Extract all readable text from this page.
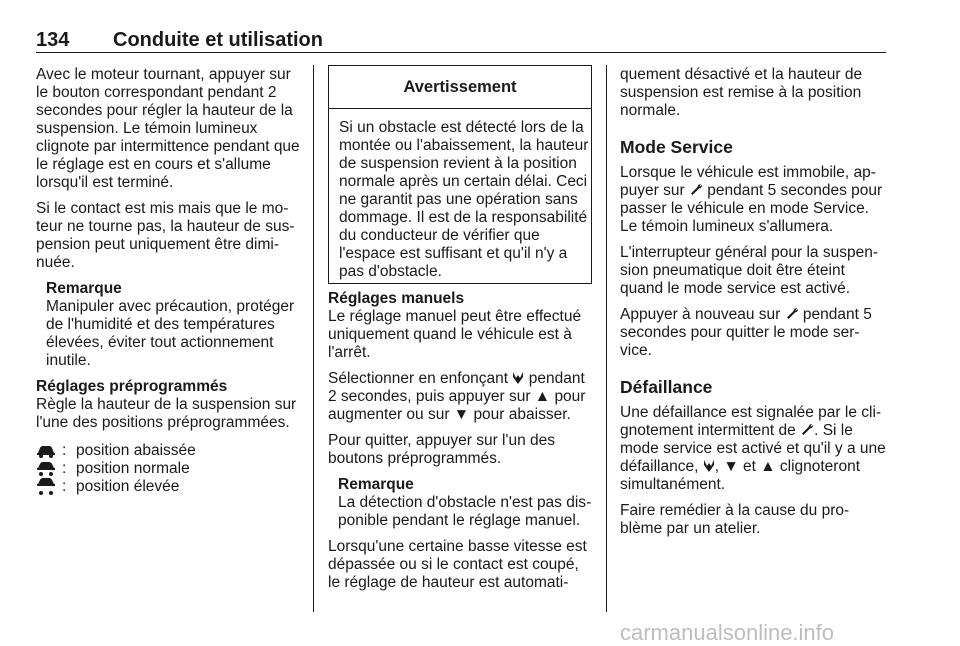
134 Conduite et utilisation

Avec le moteur tournant, appuyer sur le bouton correspondant pendant 2 secondes pour régler la hauteur de la suspension. Le témoin lumineux clignote par intermittence pendant que le réglage est en cours et s'allume lorsqu'il est terminé.

Si le contact est mis mais que le moteur ne tourne pas, la hauteur de suspension peut uniquement être diminuée.

Remarque
Manipuler avec précaution, protéger de l'humidité et des températures élevées, éviter tout actionnement inutile.
Réglages préprogrammés

Règle la hauteur de la suspension sur l'une des positions préprogrammées.

: position abaissée
: position normale
: position élevée
Avertissement
Si un obstacle est détecté lors de la montée ou l'abaissement, la hauteur de suspension revient à la position normale après un certain délai. Ceci ne garantit pas une opération sans dommage. Il est de la responsabilité du conducteur de vérifier que l'espace est suffisant et qu'il n'y a pas d'obstacle.
Réglages manuels

Le réglage manuel peut être effectué uniquement quand le véhicule est à l'arrêt.

Sélectionner en enfonçant pendant 2 secondes, puis appuyer sur ▲ pour augmenter ou sur ▼ pour abaisser.

Pour quitter, appuyer sur l'un des boutons préprogrammés.

Remarque
La détection d'obstacle n'est pas disponible pendant le réglage manuel.

Lorsqu'une certaine basse vitesse est dépassée ou si le contact est coupé, le réglage de hauteur est automati-

quement désactivé et la hauteur de suspension est remise à la position normale.

Mode Service

Lorsque le véhicule est immobile, appuyer sur pendant 5 secondes pour passer le véhicule en mode Service. Le témoin lumineux s'allumera.

L'interrupteur général pour la suspension pneumatique doit être éteint quand le mode service est activé.

Appuyer à nouveau sur pendant 5 secondes pour quitter le mode service.

Défaillance

Une défaillance est signalée par le clignotement intermittent de . Si le mode service est activé et qu'il y a une défaillance, , ▼ et ▲ clignoteront simultanément.

Faire remédier à la cause du problème par un atelier.

carmanualsonline.info
